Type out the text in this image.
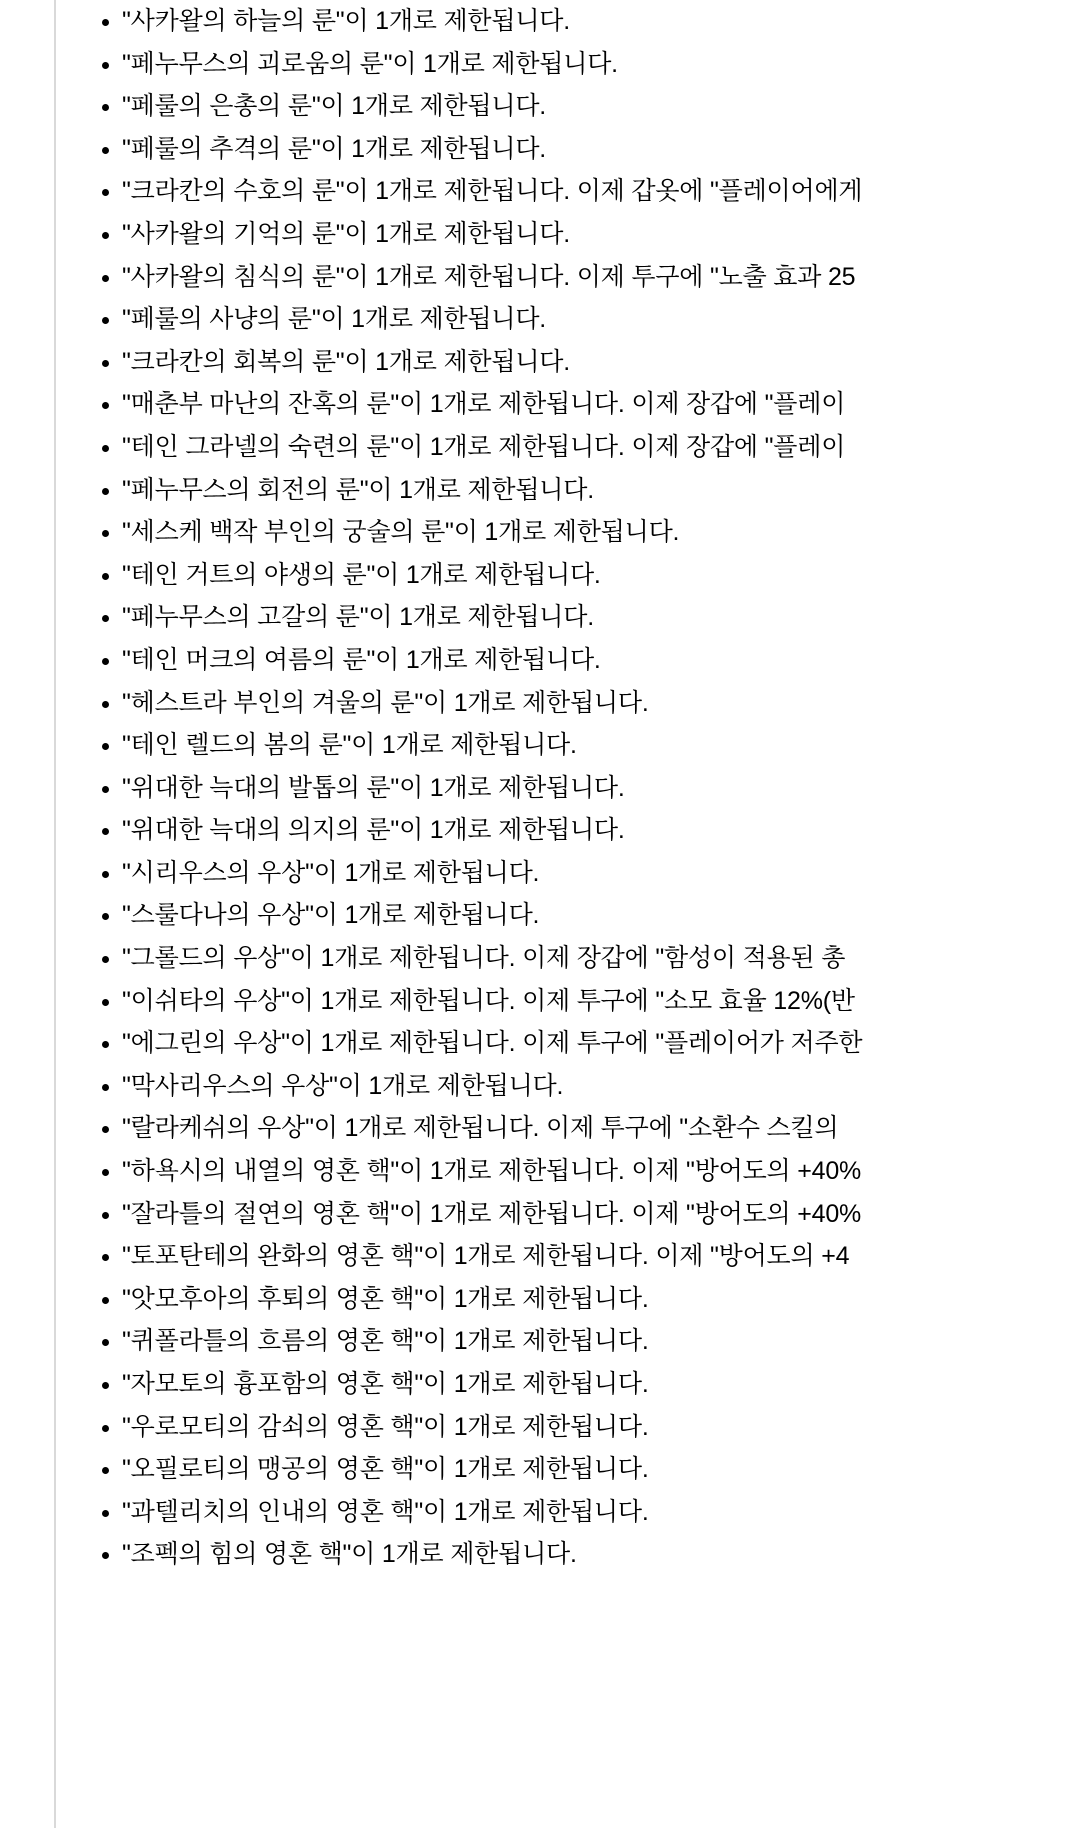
"사카왈의 하늘의 룬"이 1개로 제한됩니다.
"페누무스의 괴로움의 룬"이 1개로 제한됩니다.
"페룰의 은총의 룬"이 1개로 제한됩니다.
"페룰의 추격의 룬"이 1개로 제한됩니다.
"크라칸의 수호의 룬"이 1개로 제한됩니다. 이제 갑옷에 "플레이어에게
"사카왈의 기억의 룬"이 1개로 제한됩니다.
"사카왈의 침식의 룬"이 1개로 제한됩니다. 이제 투구에 "노출 효과 25
"페룰의 사냥의 룬"이 1개로 제한됩니다.
"크라칸의 회복의 룬"이 1개로 제한됩니다.
"매춘부 마난의 잔혹의 룬"이 1개로 제한됩니다. 이제 장갑에 "플레이
"테인 그라넬의 숙련의 룬"이 1개로 제한됩니다. 이제 장갑에 "플레이
"페누무스의 회전의 룬"이 1개로 제한됩니다.
"세스케 백작 부인의 궁술의 룬"이 1개로 제한됩니다.
"테인 거트의 야생의 룬"이 1개로 제한됩니다.
"페누무스의 고갈의 룬"이 1개로 제한됩니다.
"테인 머크의 여름의 룬"이 1개로 제한됩니다.
"헤스트라 부인의 겨울의 룬"이 1개로 제한됩니다.
"테인 렐드의 봄의 룬"이 1개로 제한됩니다.
"위대한 늑대의 발톱의 룬"이 1개로 제한됩니다.
"위대한 늑대의 의지의 룬"이 1개로 제한됩니다.
"시리우스의 우상"이 1개로 제한됩니다.
"스룰다나의 우상"이 1개로 제한됩니다.
"그롤드의 우상"이 1개로 제한됩니다. 이제 장갑에 "함성이 적용된 총
"이쉬타의 우상"이 1개로 제한됩니다. 이제 투구에 "소모 효율 12%(반
"에그린의 우상"이 1개로 제한됩니다. 이제 투구에 "플레이어가 저주한
"막사리우스의 우상"이 1개로 제한됩니다.
"랄라케쉬의 우상"이 1개로 제한됩니다. 이제 투구에 "소환수 스킬의
"하욕시의 내열의 영혼 핵"이 1개로 제한됩니다. 이제 "방어도의 +40%
"잘라틀의 절연의 영혼 핵"이 1개로 제한됩니다. 이제 "방어도의 +40%
"토포탄테의 완화의 영혼 핵"이 1개로 제한됩니다. 이제 "방어도의 +4
"앗모후아의 후퇴의 영혼 핵"이 1개로 제한됩니다.
"퀴폴라틀의 흐름의 영혼 핵"이 1개로 제한됩니다.
"자모토의 흉포함의 영혼 핵"이 1개로 제한됩니다.
"우로모티의 감쇠의 영혼 핵"이 1개로 제한됩니다.
"오필로티의 맹공의 영혼 핵"이 1개로 제한됩니다.
"과텔리치의 인내의 영혼 핵"이 1개로 제한됩니다.
"조펙의 힘의 영혼 핵"이 1개로 제한됩니다.
